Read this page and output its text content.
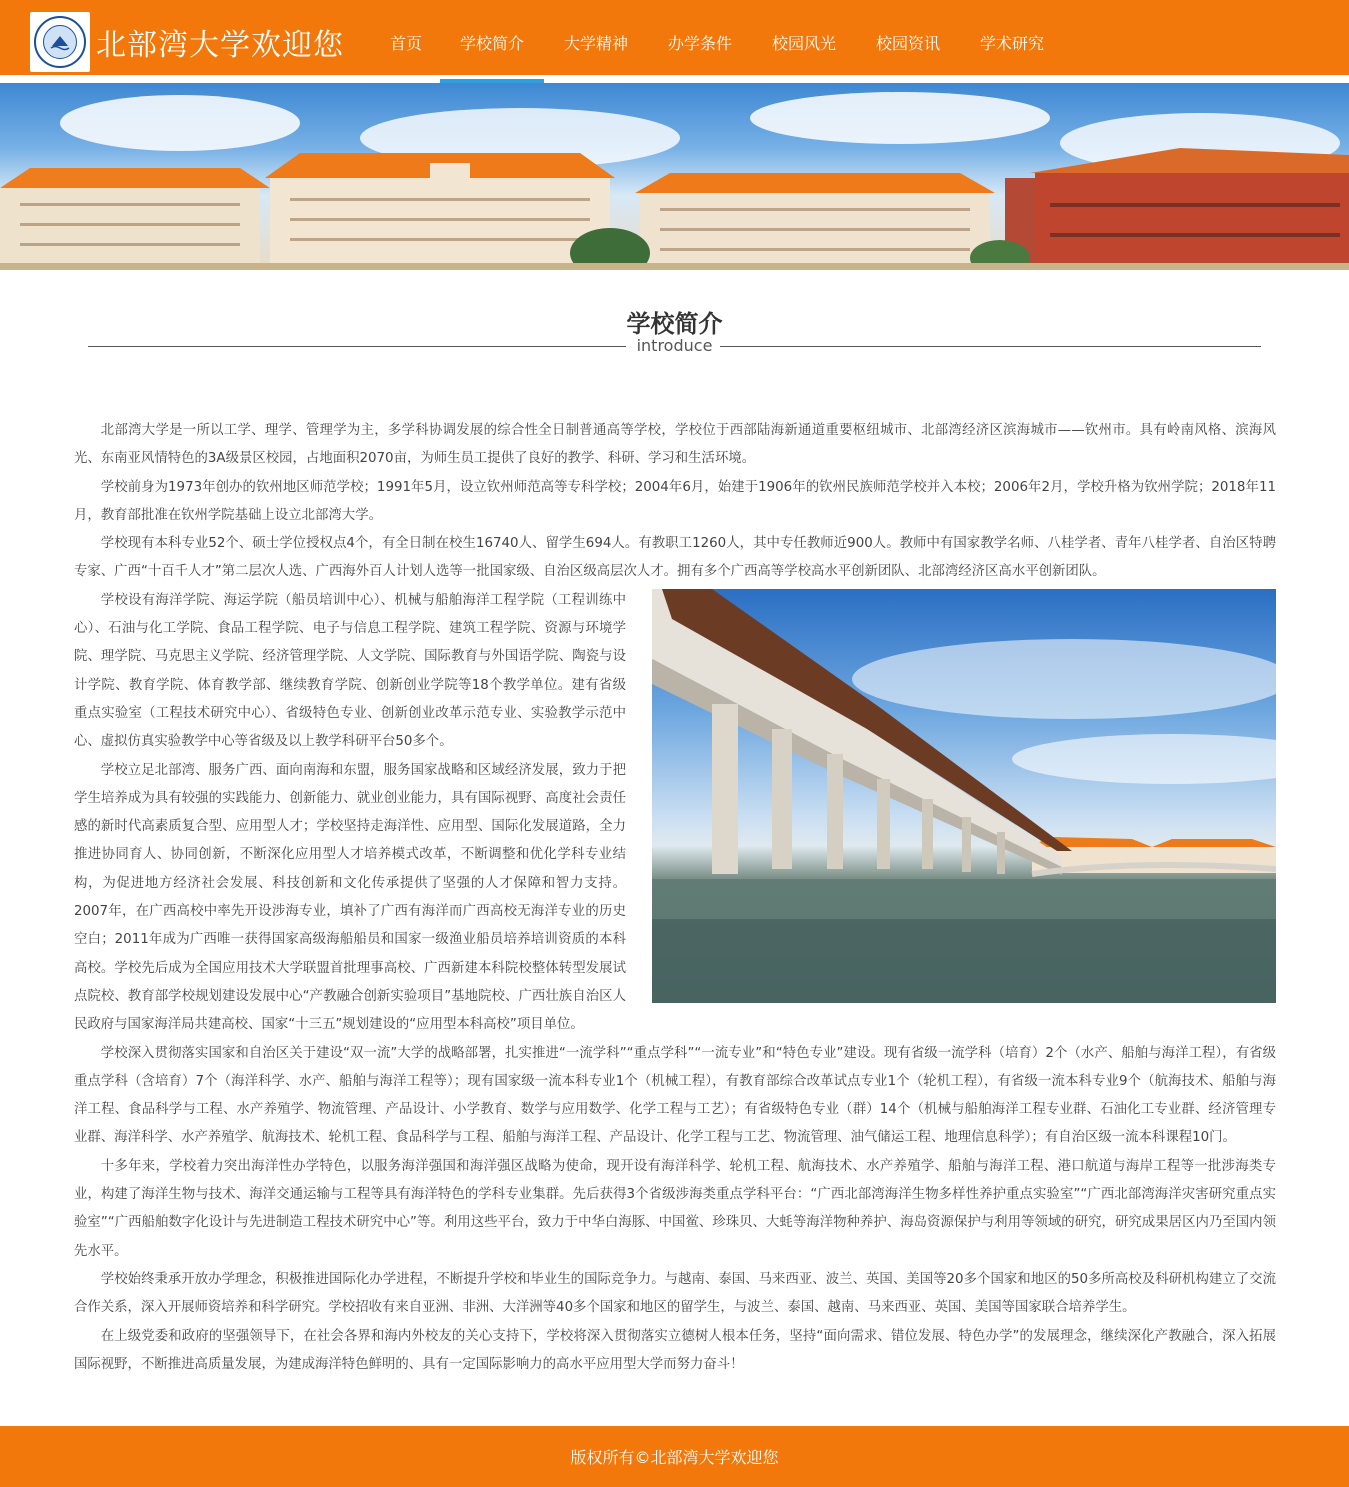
北部湾大学欢迎您	首页	学校简介	大学精神	办学条件	校园风光	校园资讯	学术研究
学校简介
introduce

北部湾大学是一所以工学、理学、管理学为主，多学科协调发展的综合性全日制普通高等学校，学校位于西部陆海新通道重要枢纽城市、北部湾经济区滨海城市——钦州市。具有岭南风格、滨海风光、东南亚风情特色的3A级景区校园，占地面积2070亩，为师生员工提供了良好的教学、科研、学习和生活环境。

学校前身为1973年创办的钦州地区师范学校；1991年5月，设立钦州师范高等专科学校；2004年6月，始建于1906年的钦州民族师范学校并入本校；2006年2月，学校升格为钦州学院；2018年11月，教育部批准在钦州学院基础上设立北部湾大学。

学校现有本科专业52个、硕士学位授权点4个，有全日制在校生16740人、留学生694人。有教职工1260人，其中专任教师近900人。教师中有国家教学名师、八桂学者、青年八桂学者、自治区特聘专家、广西“十百千人才”第二层次人选、广西海外百人计划人选等一批国家级、自治区级高层次人才。拥有多个广西高等学校高水平创新团队、北部湾经济区高水平创新团队。

学校设有海洋学院、海运学院（船员培训中心）、机械与船舶海洋工程学院（工程训练中心）、石油与化工学院、食品工程学院、电子与信息工程学院、建筑工程学院、资源与环境学院、理学院、马克思主义学院、经济管理学院、人文学院、国际教育与外国语学院、陶瓷与设计学院、教育学院、体育教学部、继续教育学院、创新创业学院等18个教学单位。建有省级重点实验室（工程技术研究中心）、省级特色专业、创新创业改革示范专业、实验教学示范中心、虚拟仿真实验教学中心等省级及以上教学科研平台50多个。

学校立足北部湾、服务广西、面向南海和东盟，服务国家战略和区域经济发展，致力于把学生培养成为具有较强的实践能力、创新能力、就业创业能力，具有国际视野、高度社会责任感的新时代高素质复合型、应用型人才；学校坚持走海洋性、应用型、国际化发展道路，全力推进协同育人、协同创新，不断深化应用型人才培养模式改革，不断调整和优化学科专业结构，为促进地方经济社会发展、科技创新和文化传承提供了坚强的人才保障和智力支持。2007年，在广西高校中率先开设涉海专业，填补了广西有海洋而广西高校无海洋专业的历史空白；2011年成为广西唯一获得国家高级海船船员和国家一级渔业船员培养培训资质的本科高校。学校先后成为全国应用技术大学联盟首批理事高校、广西新建本科院校整体转型发展试点院校、教育部学校规划建设发展中心“产教融合创新实验项目”基地院校、广西壮族自治区人民政府与国家海洋局共建高校、国家“十三五”规划建设的“应用型本科高校”项目单位。

学校深入贯彻落实国家和自治区关于建设“双一流”大学的战略部署，扎实推进“一流学科”“重点学科”“一流专业”和“特色专业”建设。现有省级一流学科（培育）2个（水产、船舶与海洋工程），有省级重点学科（含培育）7个（海洋科学、水产、船舶与海洋工程等）；现有国家级一流本科专业1个（机械工程），有教育部综合改革试点专业1个（轮机工程），有省级一流本科专业9个（航海技术、船舶与海洋工程、食品科学与工程、水产养殖学、物流管理、产品设计、小学教育、数学与应用数学、化学工程与工艺）；有省级特色专业（群）14个（机械与船舶海洋工程专业群、石油化工专业群、经济管理专业群、海洋科学、水产养殖学、航海技术、轮机工程、食品科学与工程、船舶与海洋工程、产品设计、化学工程与工艺、物流管理、油气储运工程、地理信息科学）；有自治区级一流本科课程10门。

十多年来，学校着力突出海洋性办学特色，以服务海洋强国和海洋强区战略为使命，现开设有海洋科学、轮机工程、航海技术、水产养殖学、船舶与海洋工程、港口航道与海岸工程等一批涉海类专业，构建了海洋生物与技术、海洋交通运输与工程等具有海洋特色的学科专业集群。先后获得3个省级涉海类重点学科平台：“广西北部湾海洋生物多样性养护重点实验室”“广西北部湾海洋灾害研究重点实验室”“广西船舶数字化设计与先进制造工程技术研究中心”等。利用这些平台，致力于中华白海豚、中国鲎、珍珠贝、大蚝等海洋物种养护、海岛资源保护与利用等领域的研究，研究成果居区内乃至国内领先水平。

学校始终秉承开放办学理念，积极推进国际化办学进程，不断提升学校和毕业生的国际竞争力。与越南、泰国、马来西亚、波兰、英国、美国等20多个国家和地区的50多所高校及科研机构建立了交流合作关系，深入开展师资培养和科学研究。学校招收有来自亚洲、非洲、大洋洲等40多个国家和地区的留学生，与波兰、泰国、越南、马来西亚、英国、美国等国家联合培养学生。

在上级党委和政府的坚强领导下，在社会各界和海内外校友的关心支持下，学校将深入贯彻落实立德树人根本任务，坚持“面向需求、错位发展、特色办学”的发展理念，继续深化产教融合，深入拓展国际视野，不断推进高质量发展，为建成海洋特色鲜明的、具有一定国际影响力的高水平应用型大学而努力奋斗！

版权所有©北部湾大学欢迎您
